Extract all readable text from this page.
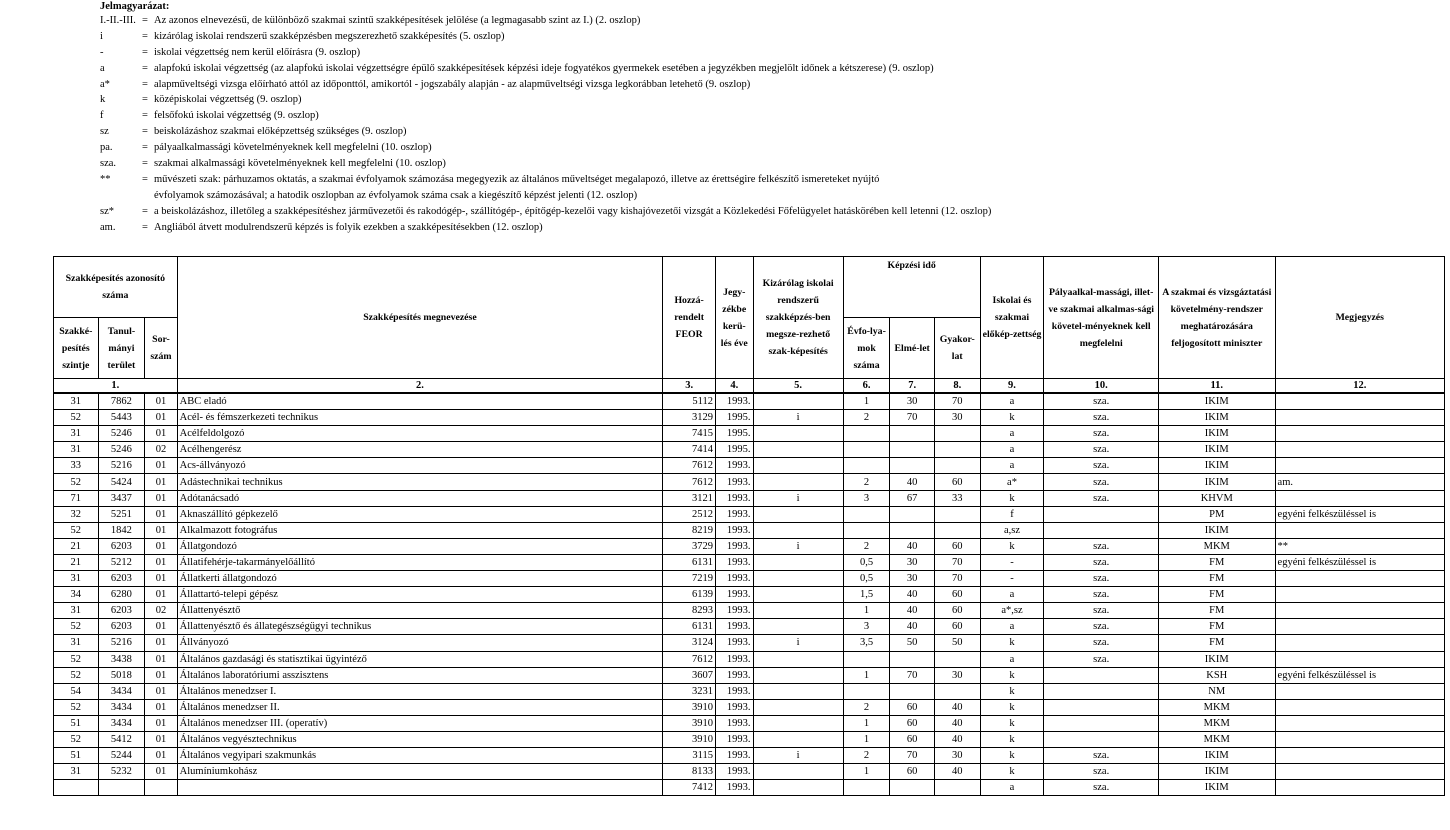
Jelmagyarázat:
I.-II.-III. = Az azonos elnevezésű, de különböző szakmai szintű szakképesítések jelölése (a legmagasabb szint az I.) (2. oszlop)
i	= kizárólag iskolai rendszerű szakképzésben megszerezhető szakképesítés (5. oszlop)
-	= iskolai végzettség nem kerül előírásra (9. oszlop)
a	= alapfokú iskolai végzettség (az alapfokú iskolai végzettségre épülő szakképesítések képzési ideje fogyatékos gyermekek esetében a jegyzékben megjelölt időnek a kétszerese) (9. oszlop)
a*	= alapműveltségi vizsga előírható attól az időponttól, amikortól - jogszabály alapján - az alapműveltségi vizsga legkorábban letehető (9. oszlop)
k	= középiskolai végzettség (9. oszlop)
f	= felsőfokú iskolai végzettség (9. oszlop)
sz	= beiskolázáshoz szakmai előképzettség szükséges (9. oszlop)
pa.	= pályaalkalmassági követelményeknek kell megfelelni (10. oszlop)
sza. = szakmai alkalmassági követelményeknek kell megfelelni (10. oszlop)
**	= művészeti szak: párhuzamos oktatás, a szakmai évfolyamok számozása megegyezik az általános műveltséget megalapozó, illetve az érettségire felkészítő ismereteket nyújtó
évfolyamok számozásával; a hatodik oszlopban az évfolyamok száma csak a kiegészítő képzést jelenti (12. oszlop)
sz*	= a beiskolázáshoz, illetőleg a szakképesítéshez járművezetői és rakodógép-, szállítógép-, építőgép-kezelői vagy kishajóvezetői vizsgát a Közlekedési Főfelügyelet hatáskörében kell letenni (12. oszlop)
am.	= Angliából átvett modulrendszerű képzés is folyik ezekben a szakképesítésekben (12. oszlop)
Szakképesítés azonosító száma			Szakképesítés megnevezése	Hozzá-rendelt FEOR	Jegy-zékbe kerü-lés éve	Kizárólag iskolai rendszerű szakképzés-ben megsze-rezhető szak-képesítés	Képzési idő			Iskolai és szakmai előkép-zettség	Pályaalkal-massági, illet-ve szakmai alkalmas-sági követel-ményeknek kell megfelelni	A szakmai és vizsgáztatási követelmény-rendszer meghatározására feljogosított miniszter	Megjegyzés
Szakké-pesítés szintje	Tanul-mányi terület	Sor-szám					Évfo-lya-mok száma	Elmé-let	Gyakor-lat				
1.			2.	3.	4.	5.	6.	7.	8.	9.	10.	11.	12.
31	7862	01	ABC eladó	5112	1993.		1	30	70	a	sza.	IKIM	
52	5443	01	Acél- és fémszerkezeti technikus	3129	1995.	i	2	70	30	k	sza.	IKIM	
31	5246	01	Acélfeldolgozó	7415	1995.					a	sza.	IKIM	
31	5246	02	Acélhengerész	7414	1995.					a	sza.	IKIM	
33	5216	01	Acs-állványozó	7612	1993.					a	sza.	IKIM	
52	5424	01	Adástechnikai technikus	7612	1993.		2	40	60	a*	sza.	IKIM	am.
71	3437	01	Adótanácsadó	3121	1993.	i	3	67	33	k	sza.	KHVM	
32	5251	01	Aknaszállító gépkezelő	2512	1993.					f		PM	egyéni felkészüléssel is
52	1842	01	Alkalmazott fotográfus	8219	1993.					a,sz		IKIM	
21	6203	01	Állatgondozó	3729	1993.	i	2	40	60	k	sza.	MKM	**
21	5212	01	Állatifehérje-takarmányelőállító	6131	1993.		0,5	30	70	-	sza.	FM	egyéni felkészüléssel is
31	6203	01	Állatkerti állatgondozó	7219	1993.		0,5	30	70	-	sza.	FM	
34	6280	01	Állattartó-telepi gépész	6139	1993.		1,5	40	60	a	sza.	FM	
31	6203	02	Állattenyésztő	8293	1993.		1	40	60	a*,sz	sza.	FM	
52	6203	01	Állattenyésztő és állategészségügyi technikus	6131	1993.		3	40	60	a	sza.	FM	
31	5216	01	Állványozó	3124	1993.	i	3,5	50	50	k	sza.	FM	
52	3438	01	Általános gazdasági és statisztikai ügyintéző	7612	1993.					a	sza.	IKIM	
52	5018	01	Általános laboratóriumi asszisztens	3607	1993.		1	70	30	k		KSH	egyéni felkészüléssel is
54	3434	01	Általános menedzser I.	3231	1993.					k		NM	
52	3434	01	Általános menedzser II.	3910	1993.		2	60	40	k		MKM	
51	3434	01	Általános menedzser III. (operatív)	3910	1993.		1	60	40	k		MKM	
52	5412	01	Általános vegyésztechnikus	3910	1993.		1	60	40	k		MKM	
51	5244	01	Általános vegyipari szakmunkás	3115	1993.	i	2	70	30	k	sza.	IKIM	
31	5232	01	Alumíniumkohász	8133	1993.		1	60	40	k	sza.	IKIM	
				7412	1993.					a	sza.	IKIM	
